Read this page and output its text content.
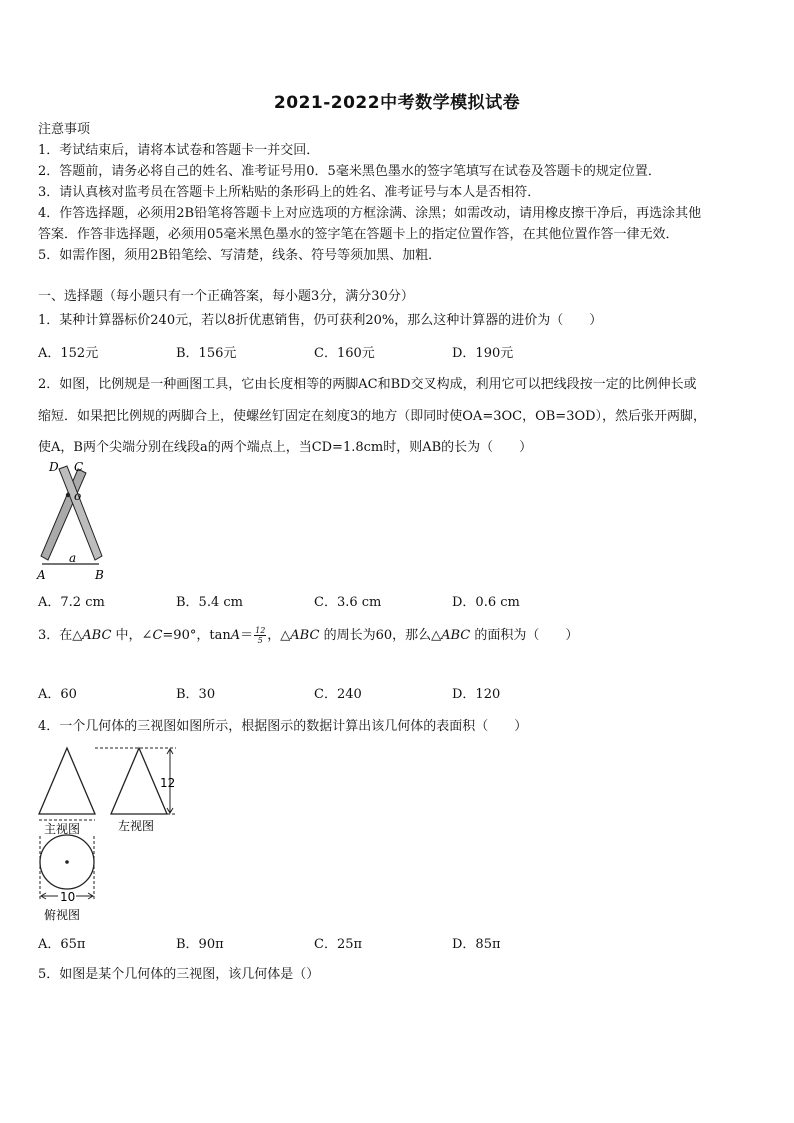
2021-2022中考数学模拟试卷
注意事项
1．考试结束后，请将本试卷和答题卡一并交回．
2．答题前，请务必将自己的姓名、准考证号用0．5毫米黑色墨水的签字笔填写在试卷及答题卡的规定位置．
3．请认真核对监考员在答题卡上所粘贴的条形码上的姓名、准考证号与本人是否相符．
4．作答选择题，必须用2B铅笔将答题卡上对应选项的方框涂满、涂黑；如需改动，请用橡皮擦干净后，再选涂其他
答案．作答非选择题，必须用05毫米黑色墨水的签字笔在答题卡上的指定位置作答，在其他位置作答一律无效．
5．如需作图，须用2B铅笔绘、写清楚，线条、符号等须加黑、加粗．
一、选择题（每小题只有一个正确答案，每小题3分，满分30分）
1．某种计算器标价240元，若以8折优惠销售，仍可获利20%，那么这种计算器的进价为（　　）
A．152元	B．156元	C．160元	D．190元
2．如图，比例规是一种画图工具，它由长度相等的两脚AC和BD交叉构成，利用它可以把线段按一定的比例伸长或
缩短．如果把比例规的两脚合上，使螺丝钉固定在刻度3的地方（即同时使OA=3OC，OB=3OD），然后张开两脚，
使A，B两个尖端分别在线段a的两个端点上，当CD=1.8cm时，则AB的长为（　　）
D C
o
a
A	B
A．7.2 cm	B．5.4 cm	C．3.6 cm	D．0.6 cm
3．在△ABC 中，∠C=90°，$\tan A= \frac{12}{5}$ ，△ABC 的周长为60，那么△ABC 的面积为（　　）
A．60	B．30	C．240	D．120
4．一个几何体的三视图如图所示，根据图示的数据计算出该几何体的表面积（　　）
主视图
12
左视图
10
俯视图
A．65π	B．90π	C．25π	D．85π
5．如图是某个几何体的三视图，该几何体是（）
